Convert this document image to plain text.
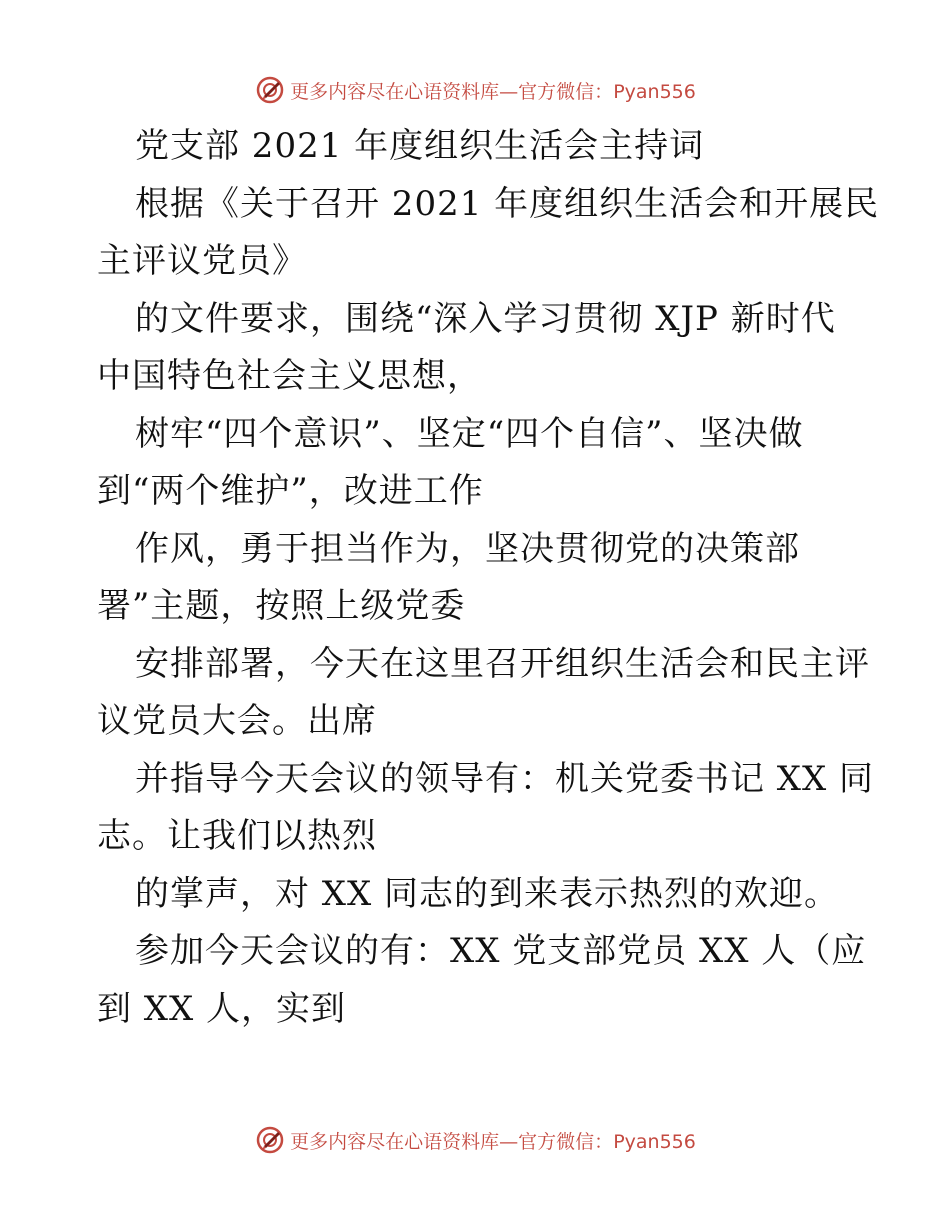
更多内容尽在心语资料库—官方微信：Pyan556
党支部 2021 年度组织生活会主持词
根据《关于召开 2021 年度组织生活会和开展民
主评议党员》
的文件要求，围绕“深入学习贯彻 XJP 新时代
中国特色社会主义思想，
树牢“四个意识”、坚定“四个自信”、坚决做
到“两个维护”，改进工作
作风，勇于担当作为，坚决贯彻党的决策部
署”主题，按照上级党委
安排部署，今天在这里召开组织生活会和民主评
议党员大会。出席
并指导今天会议的领导有：机关党委书记 XX 同
志。让我们以热烈
的掌声，对 XX 同志的到来表示热烈的欢迎。
参加今天会议的有：XX 党支部党员 XX 人（应
到 XX 人，实到
更多内容尽在心语资料库—官方微信：Pyan556
